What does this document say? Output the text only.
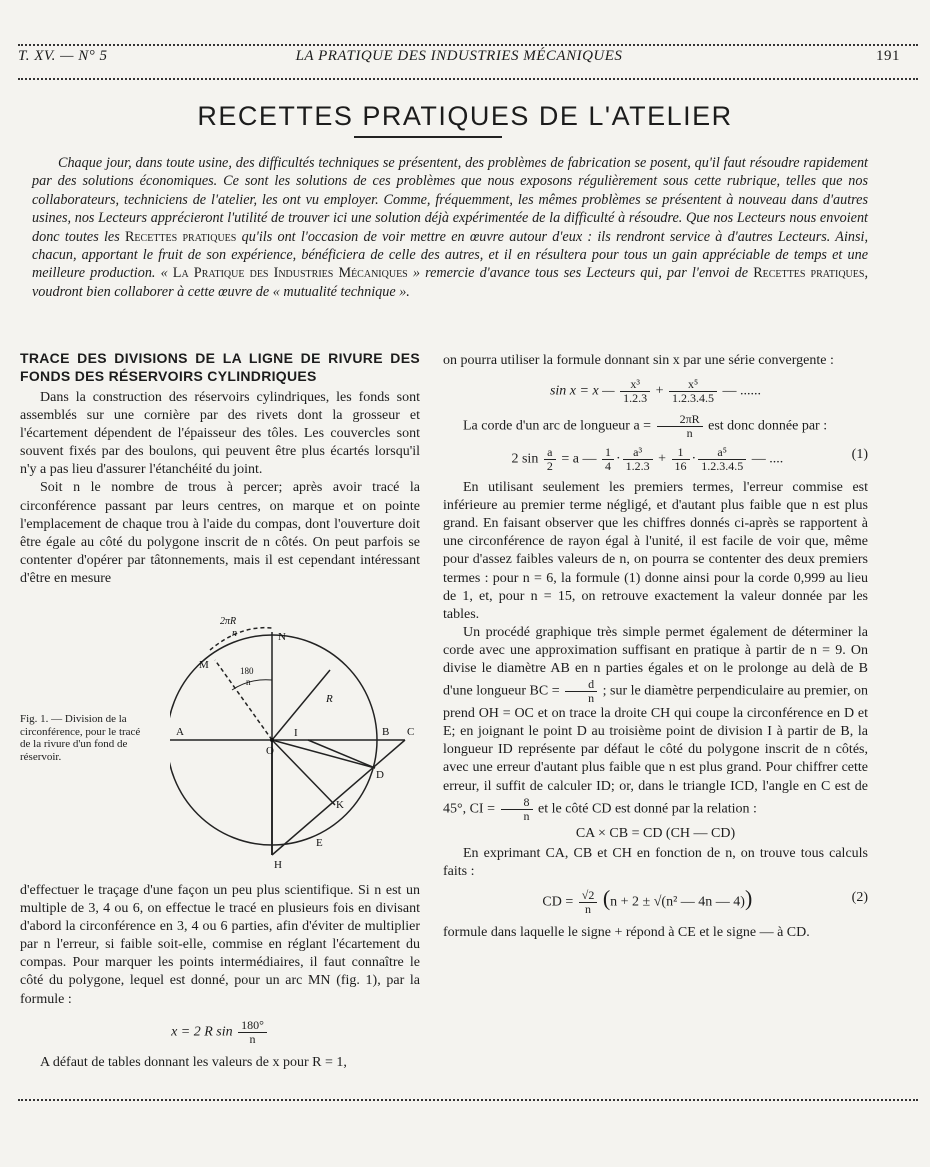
T. XV. — N° 5	LA PRATIQUE DES INDUSTRIES MÉCANIQUES	191
RECETTES PRATIQUES DE L'ATELIER
Chaque jour, dans toute usine, des difficultés techniques se présentent, des problèmes de fabrication se posent, qu'il faut résoudre rapidement par des solutions économiques. Ce sont les solutions de ces problèmes que nous exposons régulièrement sous cette rubrique, telles que nos collaborateurs, techniciens de l'atelier, les ont vu employer. Comme, fréquemment, les mêmes problèmes se présentent à nouveau dans d'autres usines, nos Lecteurs apprécieront l'utilité de trouver ici une solution déjà expérimentée de la difficulté à résoudre. Que nos Lecteurs nous envoient donc toutes les Recettes pratiques qu'ils ont l'occasion de voir mettre en œuvre autour d'eux : ils rendront service à d'autres Lecteurs. Ainsi, chacun, apportant le fruit de son expérience, bénéficiera de celle des autres, et il en résultera pour tous un gain appréciable de temps et une meilleure production. « La Pratique des Industries Mécaniques » remercie d'avance tous ses Lecteurs qui, par l'envoi de Recettes pratiques, voudront bien collaborer à cette œuvre de « mutualité technique ».

TRACE DES DIVISIONS DE LA LIGNE DE RIVURE DES FONDS DES RÉSERVOIRS CYLINDRIQUES

Dans la construction des réservoirs cylindriques, les fonds sont assemblés sur une cornière par des rivets dont la grosseur et l'écartement dépendent de l'épaisseur des tôles. Les couvercles sont souvent fixés par des boulons, qui peuvent être plus écartés lorsqu'il n'y a pas lieu d'assurer l'étanchéité du joint.

Soit n le nombre de trous à percer; après avoir tracé la circonférence passant par leurs centres, on marque et on pointe l'emplacement de chaque trou à l'aide du compas, dont l'ouverture doit être égale au côté du polygone inscrit de n côtés. On peut parfois se contenter d'opérer par tâtonnements, mais il est cependant intéressant d'être en mesure

Fig. 1. — Division de la circonférence, pour le tracé de la rivure d'un fond de réservoir.
A	B C
D
E
H
I
K
M
N
O
R
2πR
n
180
n

d'effectuer le traçage d'une façon un peu plus scientifique. Si n est un multiple de 3, 4 ou 6, on effectue le tracé en plusieurs fois en divisant d'abord la circonférence en 3, 4 ou 6 parties, afin d'éviter de multiplier par n l'erreur, si faible soit-elle, commise en réglant l'écartement du compas. Pour marquer les points intermédiaires, il faut connaître le côté du polygone, lequel est donné, pour un arc MN (fig. 1), par la formule :

x = 2 R $\sin \frac{180^\circ}{n}$

A défaut de tables donnant les valeurs de x pour R = 1,

on pourra utiliser la formule donnant sin x par une série convergente :

sin x = x — $\frac{\text{x³}}{1.2.3} + \frac{\text{x⁵}}{1.2.3.4.5}$ — ......

La corde d'un arc de longueur $a = \frac{2\pi R}{n}$ est donc donnée par :

2 $\sin \frac{a}{2} = a$ — $\frac{1}{4} \cdot \frac{\text{a³}}{1.2.3} + \frac{1}{16} \cdot \frac{\text{a⁵}}{1.2.3.4.5}$ — ....	(1)

En utilisant seulement les premiers termes, l'erreur commise est inférieure au premier terme négligé, et d'autant plus faible que n est plus grand. En faisant observer que les chiffres donnés ci-après se rapportent à une circonférence de rayon égal à l'unité, il est facile de voir que, même pour d'assez faibles valeurs de n, on pourra se contenter des deux premiers termes : pour n = 6, la formule (1) donne ainsi pour la corde 0,999 au lieu de 1, et, pour n = 15, on retrouve exactement la valeur donnée par les tables.

Un procédé graphique très simple permet également de déterminer la corde avec une approximation suffisant en pratique à partir de n = 9. On divise le diamètre AB en n parties égales et on le prolonge au delà de B d'une longueur BC = $\frac{d}{n}$ ; sur le diamètre perpendiculaire au premier, on prend OH = OC et on trace la droite CH qui coupe la circonférence en D et E; en joignant le point D au troisième point de division I à partir de B, la longueur ID représente par défaut le côté du polygone inscrit de n côtés, avec une erreur d'autant plus faible que n est plus grand. Pour chiffrer cette erreur, il suffit de calculer ID; or, dans le triangle ICD, l'angle en C est de 45°, CI = $\frac{8}{n}$ et le côté CD est donné par la relation :

CA × CB = CD (CH — CD)

En exprimant CA, CB et CH en fonction de n, on trouve tous calculs faits :

CD = $\frac{√2}{n} (n + 2 \pm √(n^2$ — 4n — 4))	(2)

formule dans laquelle le signe + répond à CE et le signe — à CD.
